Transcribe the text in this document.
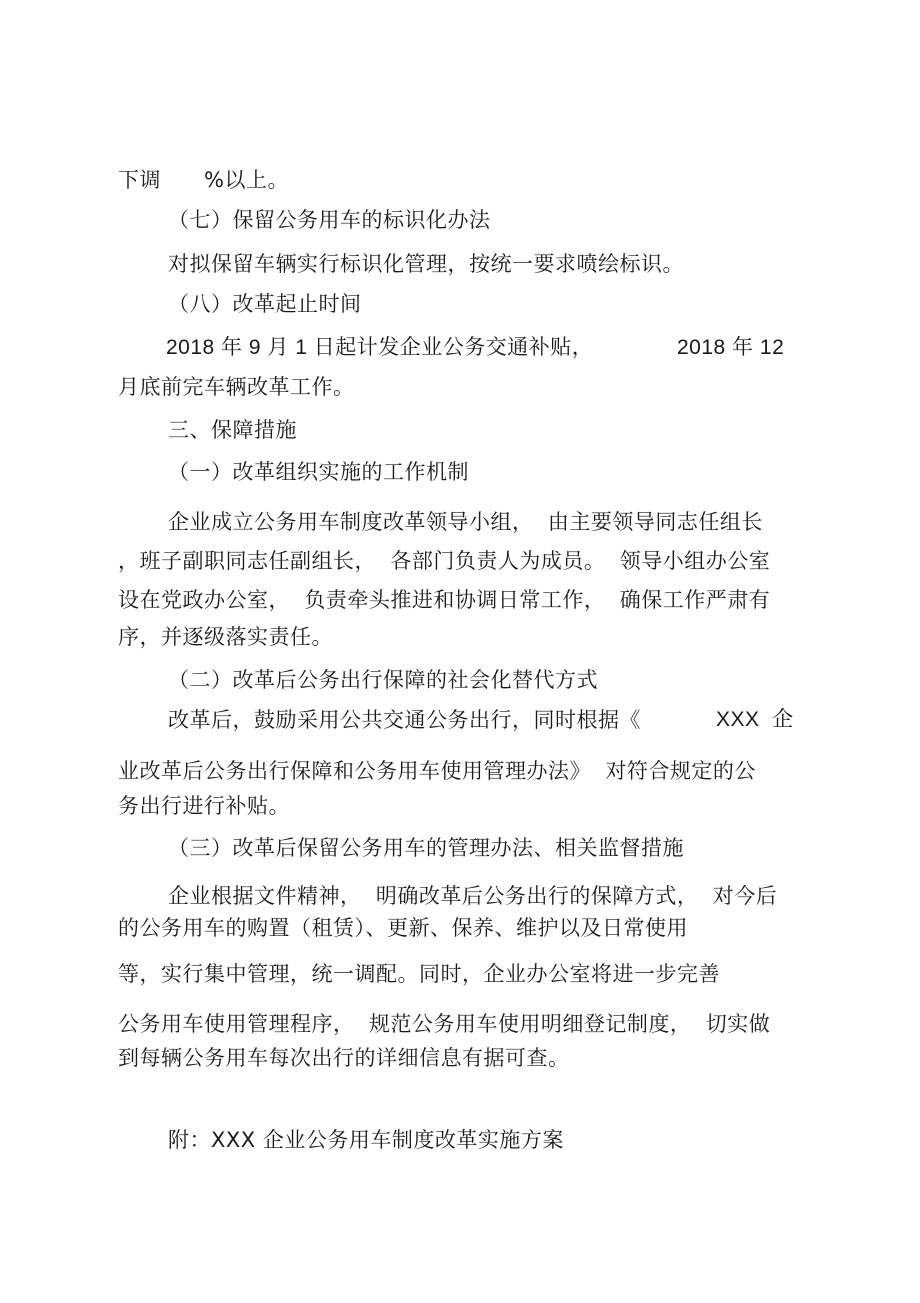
下调　　%以上。
（七）保留公务用车的标识化办法
对拟保留车辆实行标识化管理，按统一要求喷绘标识。
（八）改革起止时间
2018 年 9 月 1 日起计发企业公务交通补贴，	2018 年 12
月底前完车辆改革工作。
三、保障措施
（一）改革组织实施的工作机制
企业成立公务用车制度改革领导小组，  由主要领导同志任组长
，班子副职同志任副组长，  各部门负责人为成员。  领导小组办公室
设在党政办公室，  负责牵头推进和协调日常工作，  确保工作严肃有
序，并逐级落实责任。
（二）改革后公务出行保障的社会化替代方式
改革后，鼓励采用公共交通公务出行，同时根据《	XXX  企
业改革后公务出行保障和公务用车使用管理办法》  对符合规定的公
务出行进行补贴。
（三）改革后保留公务用车的管理办法、相关监督措施
企业根据文件精神，  明确改革后公务出行的保障方式，  对今后
的公务用车的购置（租赁）、更新、保养、维护以及日常使用
等，实行集中管理，统一调配。同时，企业办公室将进一步完善
公务用车使用管理程序，  规范公务用车使用明细登记制度，  切实做
到每辆公务用车每次出行的详细信息有据可查。
附：XXX 企业公务用车制度改革实施方案
